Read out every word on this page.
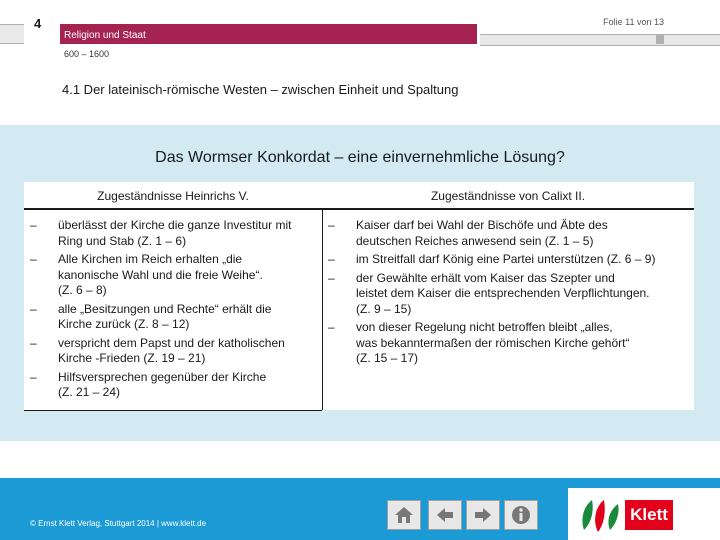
4
Religion und Staat
Folie 11 von 13
600 – 1600
4.1 Der lateinisch-römische Westen – zwischen Einheit und Spaltung
Das Wormser Konkordat – eine einvernehmliche Lösung?
Zugeständnisse Heinrichs V.
– überlässt der Kirche die ganze Investitur mit
Ring und Stab (Z. 1 – 6)
– Alle Kirchen im Reich erhalten „die
kanonische Wahl und die freie Weihe“.
(Z. 6 – 8)
– alle „Besitzungen und Rechte“ erhält die
Kirche zurück (Z. 8 – 12)
– verspricht dem Papst und der katholischen
Kirche -Frieden (Z. 19 – 21)
– Hilfsversprechen gegenüber der Kirche
(Z. 21 – 24)
Zugeständnisse von Calixt II.
– Kaiser darf bei Wahl der Bischöfe und Äbte des
deutschen Reiches anwesend sein (Z. 1 – 5)
– im Streitfall darf König eine Partei unterstützen (Z. 6 – 9)
– der Gewählte erhält vom Kaiser das Szepter und
leistet dem Kaiser die entsprechenden Verpflichtungen.
(Z. 9 – 15)
– von dieser Regelung nicht betroffen bleibt „alles,
was bekanntermaßen der römischen Kirche gehört“
(Z. 15 – 17)
© Ernst Klett Verlag, Stuttgart 2014 | www.klett.de	Klett
